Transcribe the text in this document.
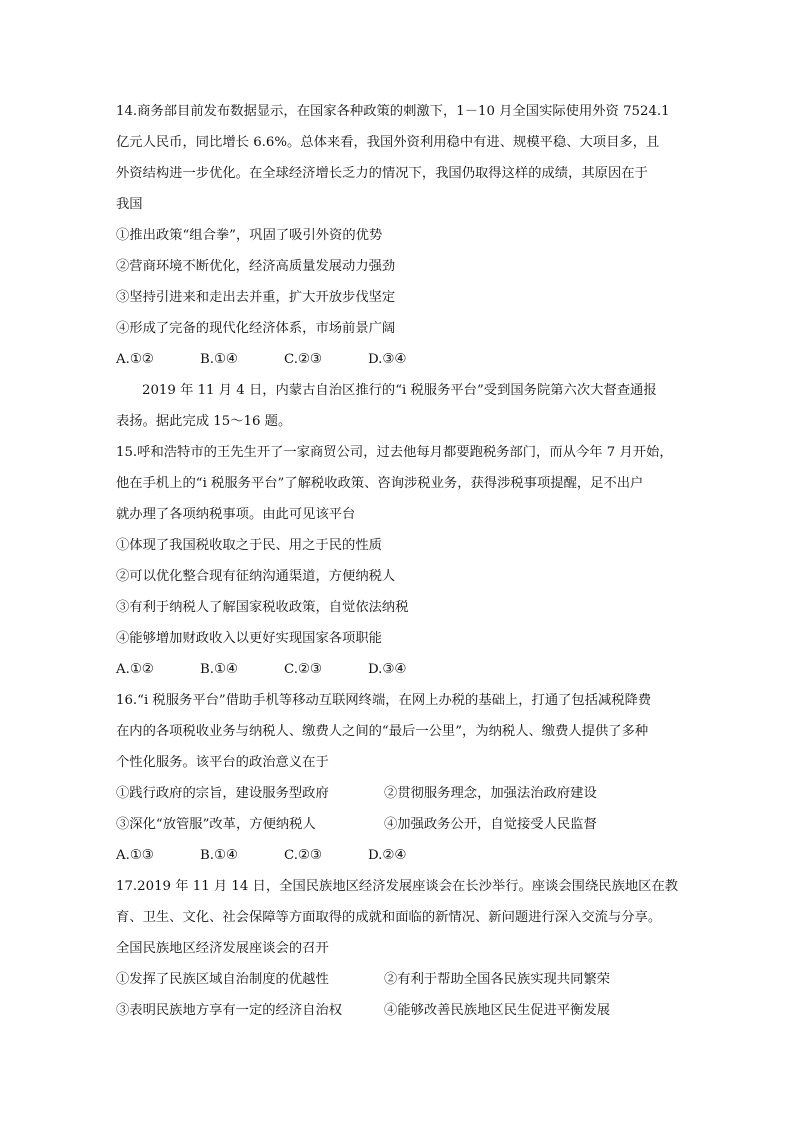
14.商务部目前发布数据显示，在国家各种政策的刺激下，1－10 月全国实际使用外资 7524.1
亿元人民币，同比增长 6.6%。总体来看，我国外资利用稳中有进、规模平稳、大项目多，且
外资结构进一步优化。在全球经济增长乏力的情况下，我国仍取得这样的成绩，其原因在于
我国
①推出政策“组合拳”，巩固了吸引外资的优势
②营商环境不断优化，经济高质量发展动力强劲
③坚持引进来和走出去并重，扩大开放步伐坚定
④形成了完备的现代化经济体系，市场前景广阔
A.①②	B.①④	C.②③	D.③④
2019 年 11 月 4 日，内蒙古自治区推行的“i 税服务平台”受到国务院第六次大督查通报
表扬。据此完成 15～16 题。
15.呼和浩特市的王先生开了一家商贸公司，过去他每月都要跑税务部门，而从今年 7 月开始，
他在手机上的“i 税服务平台”了解税收政策、咨询涉税业务，获得涉税事项提醒，足不出户
就办理了各项纳税事项。由此可见该平台
①体现了我国税收取之于民、用之于民的性质
②可以优化整合现有征纳沟通渠道，方便纳税人
③有利于纳税人了解国家税收政策，自觉依法纳税
④能够增加财政收入以更好实现国家各项职能
A.①②	B.①④	C.②③	D.③④
16.“i 税服务平台”借助手机等移动互联网终端，在网上办税的基础上，打通了包括减税降费
在内的各项税收业务与纳税人、缴费人之间的“最后一公里”，为纳税人、缴费人提供了多种
个性化服务。该平台的政治意义在于
①践行政府的宗旨，建设服务型政府	②贯彻服务理念，加强法治政府建设
③深化“放管服”改革，方便纳税人	④加强政务公开，自觉接受人民监督
A.①③	B.①④	C.②③	D.②④
17.2019 年 11 月 14 日，全国民族地区经济发展座谈会在长沙举行。座谈会围绕民族地区在教
育、卫生、文化、社会保障等方面取得的成就和面临的新情况、新问题进行深入交流与分享。
全国民族地区经济发展座谈会的召开
①发挥了民族区域自治制度的优越性	②有利于帮助全国各民族实现共同繁荣
③表明民族地方享有一定的经济自治权	④能够改善民族地区民生促进平衡发展
